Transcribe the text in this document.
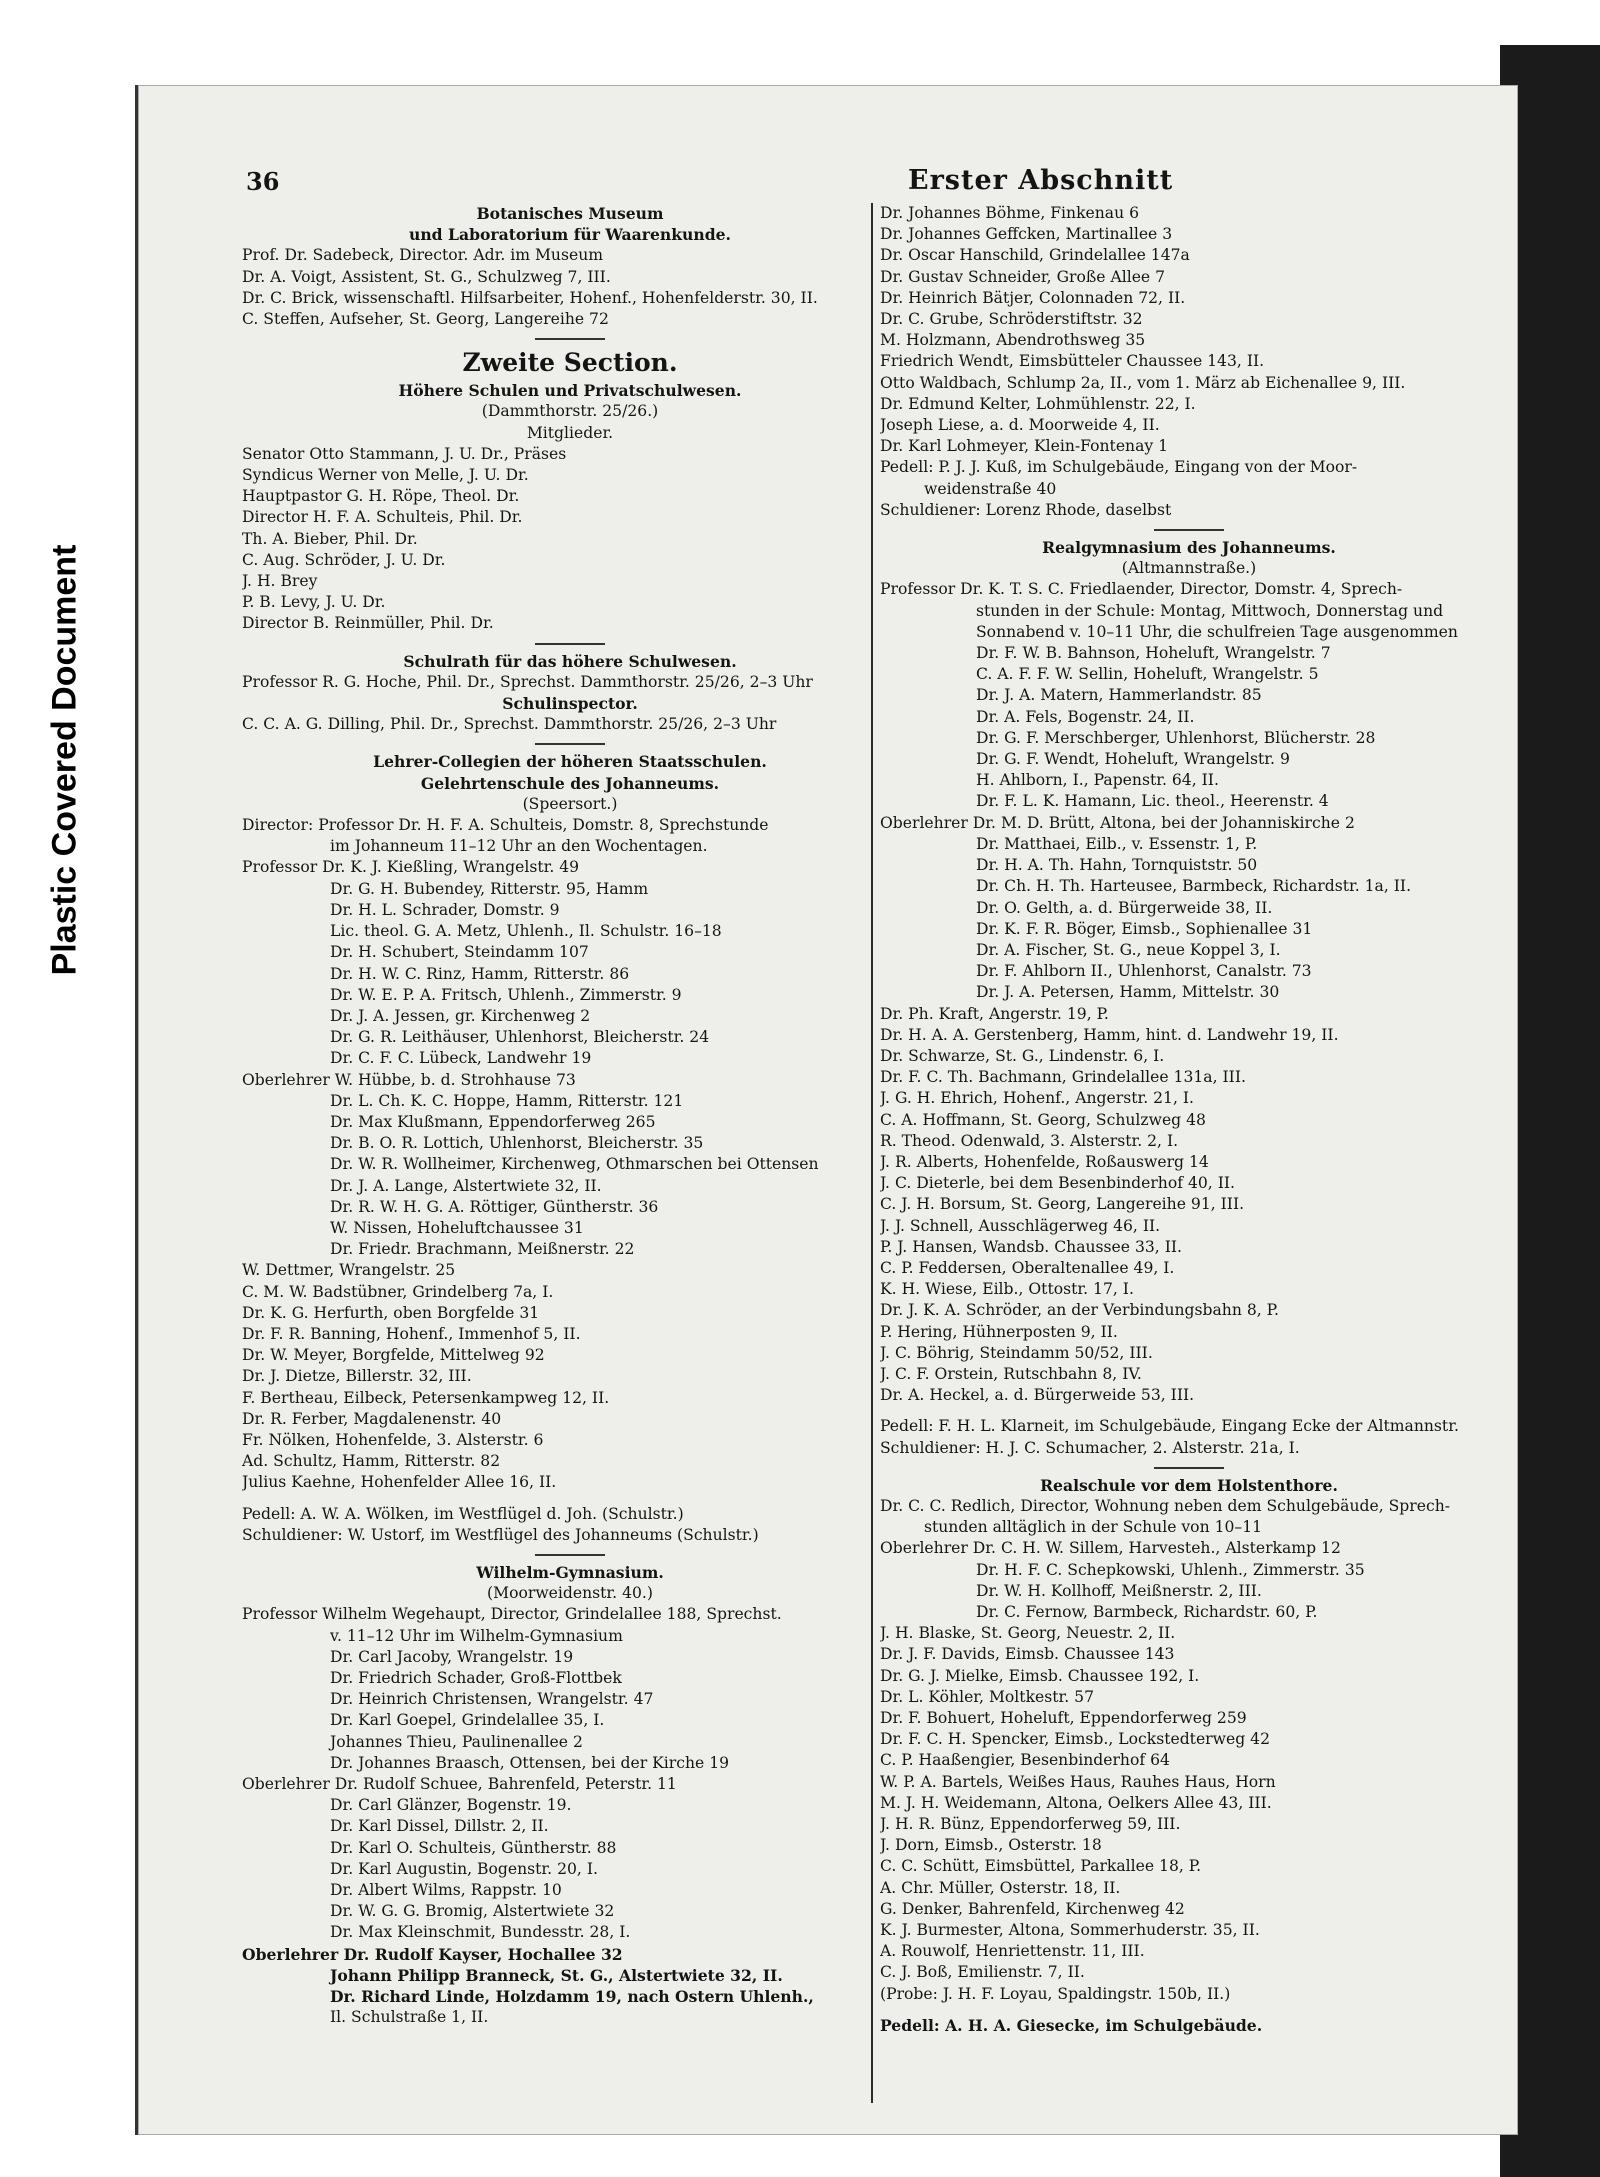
Plastic Covered Document
36	Erster Abschnitt
Botanisches Museum
und Laboratorium für Waarenkunde.
Prof. Dr. Sadebeck, Director. Adr. im Museum
Dr. A. Voigt, Assistent, St. G., Schulzweg 7, III.
Dr. C. Brick, wissenschaftl. Hilfsarbeiter, Hohenf., Hohenfelderstr. 30, II.
C. Steffen, Aufseher, St. Georg, Langereihe 72
Zweite Section.
Höhere Schulen und Privatschulwesen.
(Dammthorstr. 25/26.)
Mitglieder.
Senator Otto Stammann, J. U. Dr., Präses
Syndicus Werner von Melle, J. U. Dr.
Hauptpastor G. H. Röpe, Theol. Dr.
Director H. F. A. Schulteis, Phil. Dr.
Th. A. Bieber, Phil. Dr.
C. Aug. Schröder, J. U. Dr.
J. H. Brey
P. B. Levy, J. U. Dr.
Director B. Reinmüller, Phil. Dr.
Schulrath für das höhere Schulwesen.
Professor R. G. Hoche, Phil. Dr., Sprechst. Dammthorstr. 25/26, 2–3 Uhr
Schulinspector.
C. C. A. G. Dilling, Phil. Dr., Sprechst. Dammthorstr. 25/26, 2–3 Uhr
Lehrer-Collegien der höheren Staatsschulen.
Gelehrtenschule des Johanneums.
(Speersort.)
Director: Professor Dr. H. F. A. Schulteis, Domstr. 8, Sprechstunde
im Johanneum 11–12 Uhr an den Wochentagen.
Professor Dr. K. J. Kießling, Wrangelstr. 49
Dr. G. H. Bubendey, Ritterstr. 95, Hamm
Dr. H. L. Schrader, Domstr. 9
Lic. theol. G. A. Metz, Uhlenh., Il. Schulstr. 16–18
Dr. H. Schubert, Steindamm 107
Dr. H. W. C. Rinz, Hamm, Ritterstr. 86
Dr. W. E. P. A. Fritsch, Uhlenh., Zimmerstr. 9
Dr. J. A. Jessen, gr. Kirchenweg 2
Dr. G. R. Leithäuser, Uhlenhorst, Bleicherstr. 24
Dr. C. F. C. Lübeck, Landwehr 19
Oberlehrer W. Hübbe, b. d. Strohhause 73
Dr. L. Ch. K. C. Hoppe, Hamm, Ritterstr. 121
Dr. Max Klußmann, Eppendorferweg 265
Dr. B. O. R. Lottich, Uhlenhorst, Bleicherstr. 35
Dr. W. R. Wollheimer, Kirchenweg, Othmarschen bei Ottensen
Dr. J. A. Lange, Alstertwiete 32, II.
Dr. R. W. H. G. A. Röttiger, Güntherstr. 36
W. Nissen, Hoheluftchaussee 31
Dr. Friedr. Brachmann, Meißnerstr. 22
W. Dettmer, Wrangelstr. 25
C. M. W. Badstübner, Grindelberg 7a, I.
Dr. K. G. Herfurth, oben Borgfelde 31
Dr. F. R. Banning, Hohenf., Immenhof 5, II.
Dr. W. Meyer, Borgfelde, Mittelweg 92
Dr. J. Dietze, Billerstr. 32, III.
F. Bertheau, Eilbeck, Petersenkampweg 12, II.
Dr. R. Ferber, Magdalenenstr. 40
Fr. Nölken, Hohenfelde, 3. Alsterstr. 6
Ad. Schultz, Hamm, Ritterstr. 82
Julius Kaehne, Hohenfelder Allee 16, II.
Pedell: A. W. A. Wölken, im Westflügel d. Joh. (Schulstr.)
Schuldiener: W. Ustorf, im Westflügel des Johanneums (Schulstr.)
Wilhelm-Gymnasium.
(Moorweidenstr. 40.)
Professor Wilhelm Wegehaupt, Director, Grindelallee 188, Sprechst.
v. 11–12 Uhr im Wilhelm-Gymnasium
Dr. Carl Jacoby, Wrangelstr. 19
Dr. Friedrich Schader, Groß-Flottbek
Dr. Heinrich Christensen, Wrangelstr. 47
Dr. Karl Goepel, Grindelallee 35, I.
Johannes Thieu, Paulinenallee 2
Dr. Johannes Braasch, Ottensen, bei der Kirche 19
Oberlehrer Dr. Rudolf Schuee, Bahrenfeld, Peterstr. 11
Dr. Carl Glänzer, Bogenstr. 19.
Dr. Karl Dissel, Dillstr. 2, II.
Dr. Karl O. Schulteis, Güntherstr. 88
Dr. Karl Augustin, Bogenstr. 20, I.
Dr. Albert Wilms, Rappstr. 10
Dr. W. G. G. Bromig, Alstertwiete 32
Dr. Max Kleinschmit, Bundesstr. 28, I.
Oberlehrer Dr. Rudolf Kayser, Hochallee 32
Johann Philipp Branneck, St. G., Alstertwiete 32, II.
Dr. Richard Linde, Holzdamm 19, nach Ostern Uhlenh.,
Il. Schulstraße 1, II.
Dr. Johannes Böhme, Finkenau 6
Dr. Johannes Geffcken, Martinallee 3
Dr. Oscar Hanschild, Grindelallee 147a
Dr. Gustav Schneider, Große Allee 7
Dr. Heinrich Bätjer, Colonnaden 72, II.
Dr. C. Grube, Schröderstiftstr. 32
M. Holzmann, Abendrothsweg 35
Friedrich Wendt, Eimsbütteler Chaussee 143, II.
Otto Waldbach, Schlump 2a, II., vom 1. März ab Eichenallee 9, III.
Dr. Edmund Kelter, Lohmühlenstr. 22, I.
Joseph Liese, a. d. Moorweide 4, II.
Dr. Karl Lohmeyer, Klein-Fontenay 1
Pedell: P. J. J. Kuß, im Schulgebäude, Eingang von der Moor-
weidenstraße 40
Schuldiener: Lorenz Rhode, daselbst
Realgymnasium des Johanneums.
(Altmannstraße.)
Professor Dr. K. T. S. C. Friedlaender, Director, Domstr. 4, Sprech-
stunden in der Schule: Montag, Mittwoch, Donnerstag und
Sonnabend v. 10–11 Uhr, die schulfreien Tage ausgenommen
Dr. F. W. B. Bahnson, Hoheluft, Wrangelstr. 7
C. A. F. F. W. Sellin, Hoheluft, Wrangelstr. 5
Dr. J. A. Matern, Hammerlandstr. 85
Dr. A. Fels, Bogenstr. 24, II.
Dr. G. F. Merschberger, Uhlenhorst, Blücherstr. 28
Dr. G. F. Wendt, Hoheluft, Wrangelstr. 9
H. Ahlborn, I., Papenstr. 64, II.
Dr. F. L. K. Hamann, Lic. theol., Heerenstr. 4
Oberlehrer Dr. M. D. Brütt, Altona, bei der Johanniskirche 2
Dr. Matthaei, Eilb., v. Essenstr. 1, P.
Dr. H. A. Th. Hahn, Tornquiststr. 50
Dr. Ch. H. Th. Harteusee, Barmbeck, Richardstr. 1a, II.
Dr. O. Gelth, a. d. Bürgerweide 38, II.
Dr. K. F. R. Böger, Eimsb., Sophienallee 31
Dr. A. Fischer, St. G., neue Koppel 3, I.
Dr. F. Ahlborn II., Uhlenhorst, Canalstr. 73
Dr. J. A. Petersen, Hamm, Mittelstr. 30
Dr. Ph. Kraft, Angerstr. 19, P.
Dr. H. A. A. Gerstenberg, Hamm, hint. d. Landwehr 19, II.
Dr. Schwarze, St. G., Lindenstr. 6, I.
Dr. F. C. Th. Bachmann, Grindelallee 131a, III.
J. G. H. Ehrich, Hohenf., Angerstr. 21, I.
C. A. Hoffmann, St. Georg, Schulzweg 48
R. Theod. Odenwald, 3. Alsterstr. 2, I.
J. R. Alberts, Hohenfelde, Roßauswerg 14
J. C. Dieterle, bei dem Besenbinderhof 40, II.
C. J. H. Borsum, St. Georg, Langereihe 91, III.
J. J. Schnell, Ausschlägerweg 46, II.
P. J. Hansen, Wandsb. Chaussee 33, II.
C. P. Feddersen, Oberaltenallee 49, I.
K. H. Wiese, Eilb., Ottostr. 17, I.
Dr. J. K. A. Schröder, an der Verbindungsbahn 8, P.
P. Hering, Hühnerposten 9, II.
J. C. Böhrig, Steindamm 50/52, III.
J. C. F. Orstein, Rutschbahn 8, IV.
Dr. A. Heckel, a. d. Bürgerweide 53, III.
Pedell: F. H. L. Klarneit, im Schulgebäude, Eingang Ecke der Altmannstr.
Schuldiener: H. J. C. Schumacher, 2. Alsterstr. 21a, I.
Realschule vor dem Holstenthore.
Dr. C. C. Redlich, Director, Wohnung neben dem Schulgebäude, Sprech-
stunden alltäglich in der Schule von 10–11
Oberlehrer Dr. C. H. W. Sillem, Harvesteh., Alsterkamp 12
Dr. H. F. C. Schepkowski, Uhlenh., Zimmerstr. 35
Dr. W. H. Kollhoff, Meißnerstr. 2, III.
Dr. C. Fernow, Barmbeck, Richardstr. 60, P.
J. H. Blaske, St. Georg, Neuestr. 2, II.
Dr. J. F. Davids, Eimsb. Chaussee 143
Dr. G. J. Mielke, Eimsb. Chaussee 192, I.
Dr. L. Köhler, Moltkestr. 57
Dr. F. Bohuert, Hoheluft, Eppendorferweg 259
Dr. F. C. H. Spencker, Eimsb., Lockstedterweg 42
C. P. Haaßengier, Besenbinderhof 64
W. P. A. Bartels, Weißes Haus, Rauhes Haus, Horn
M. J. H. Weidemann, Altona, Oelkers Allee 43, III.
J. H. R. Bünz, Eppendorferweg 59, III.
J. Dorn, Eimsb., Osterstr. 18
C. C. Schütt, Eimsbüttel, Parkallee 18, P.
A. Chr. Müller, Osterstr. 18, II.
G. Denker, Bahrenfeld, Kirchenweg 42
K. J. Burmester, Altona, Sommerhuderstr. 35, II.
A. Rouwolf, Henriettenstr. 11, III.
C. J. Boß, Emilienstr. 7, II.
(Probe: J. H. F. Loyau, Spaldingstr. 150b, II.)
Pedell: A. H. A. Giesecke, im Schulgebäude.
